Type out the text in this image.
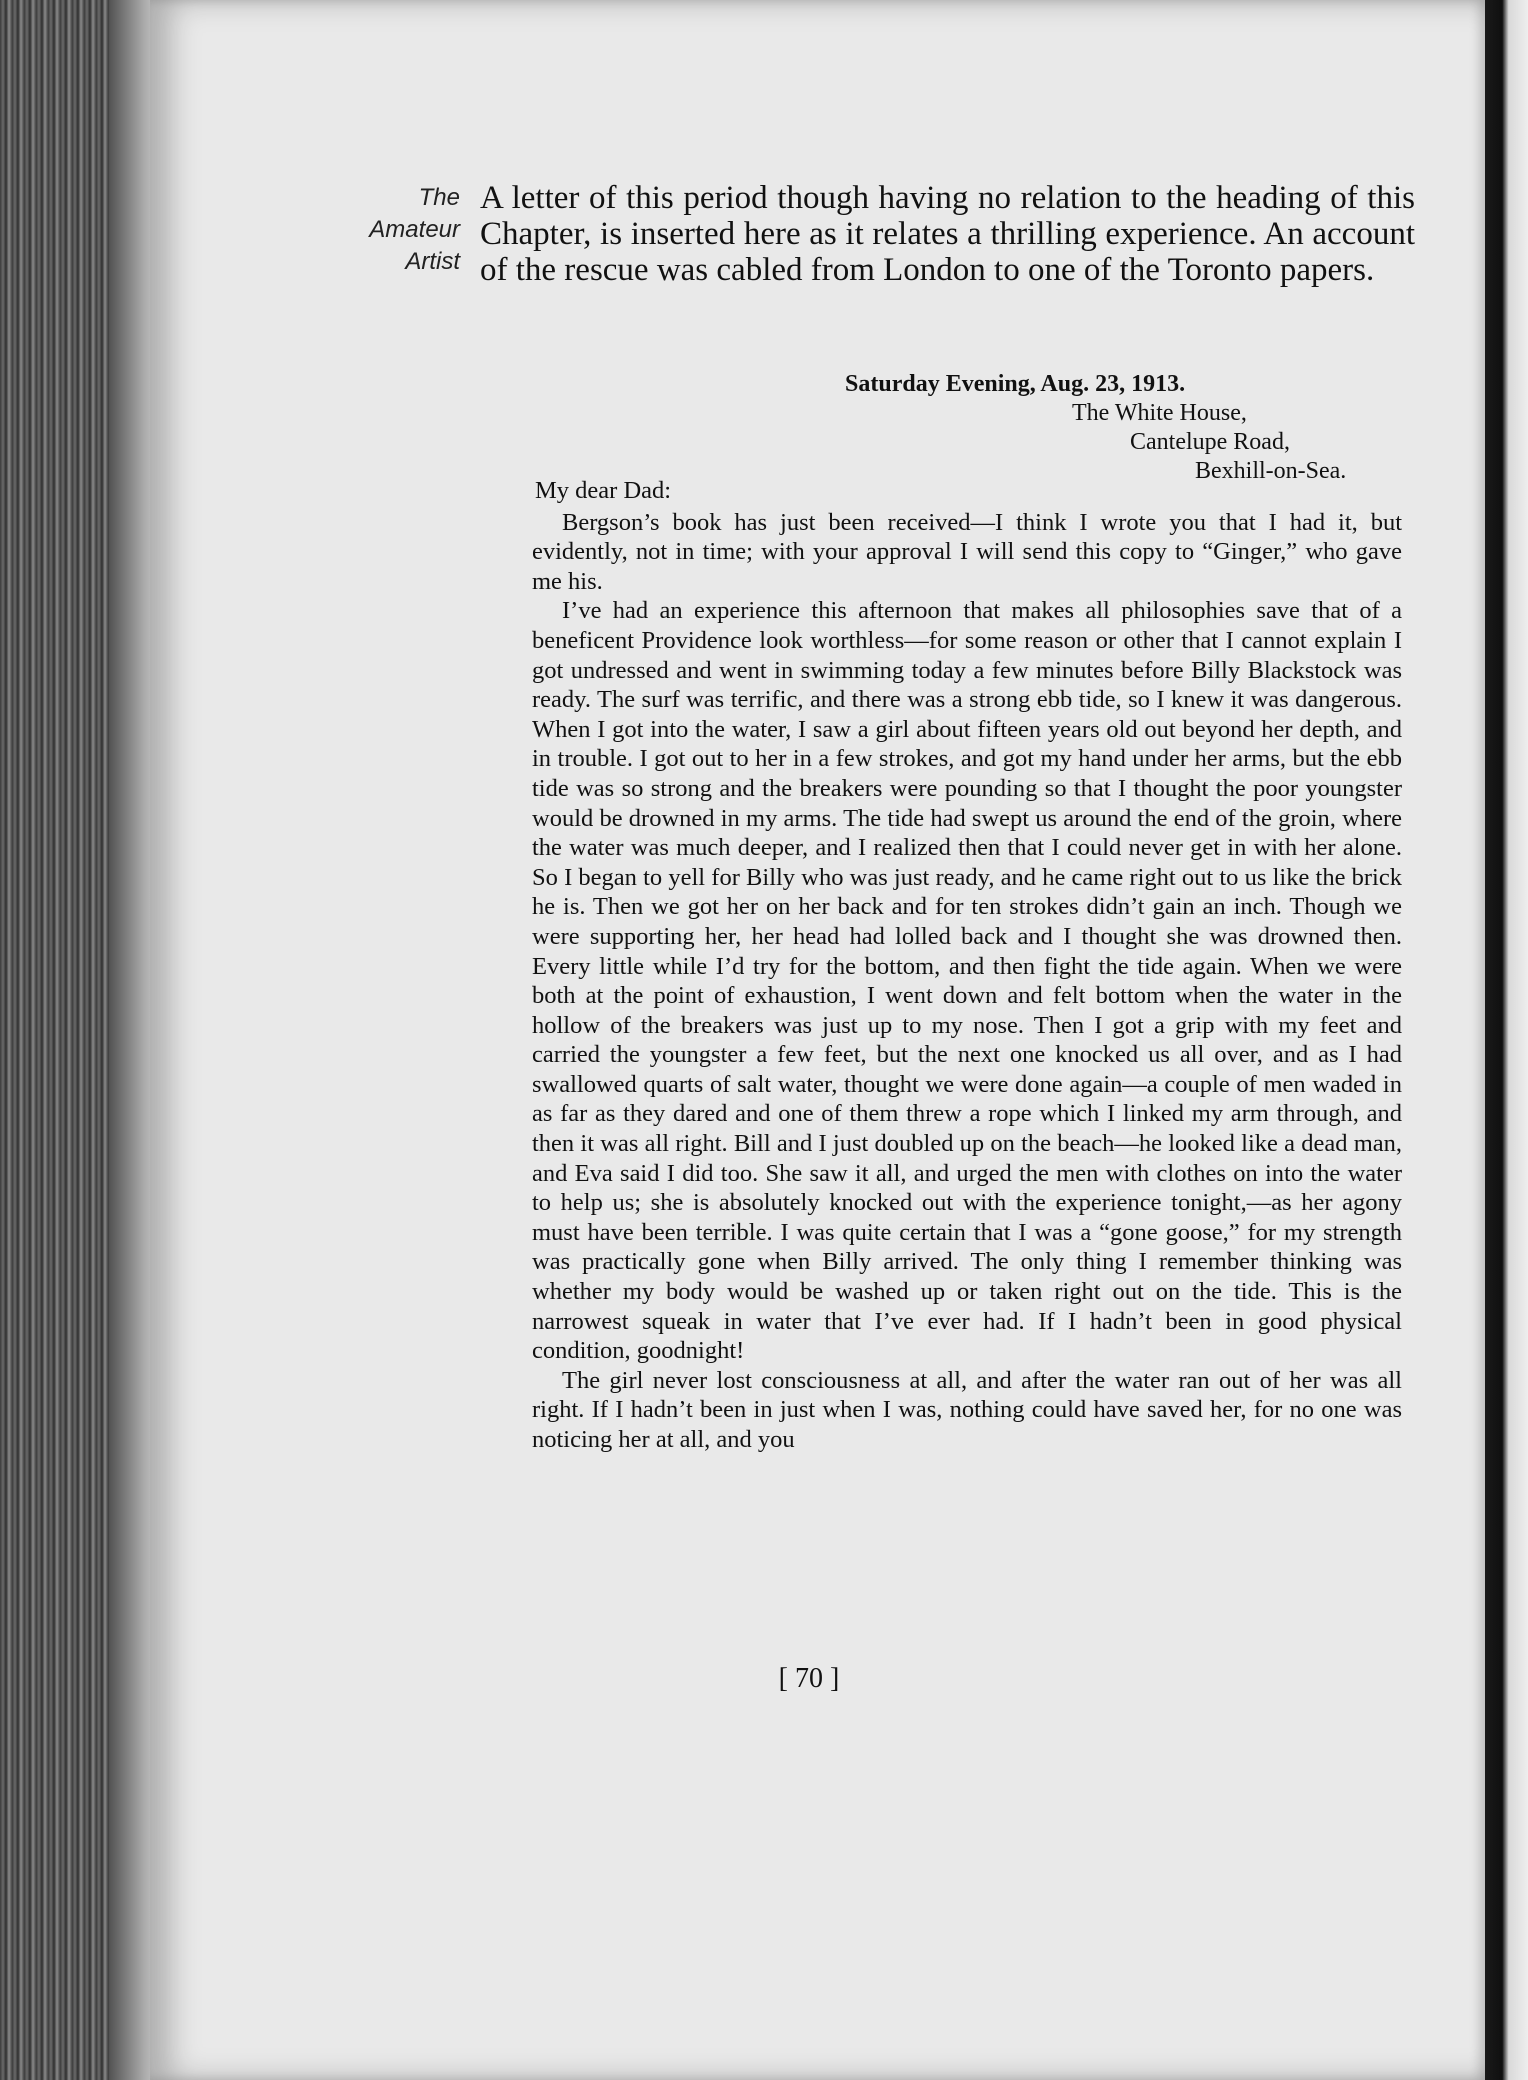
The
Amateur
Artist
A letter of this period though having no relation to the heading of this Chapter, is inserted here as it relates a thrilling experience. An account of the rescue was cabled from London to one of the Toronto papers.
Saturday Evening, Aug. 23, 1913.
The White House,
Cantelupe Road,
Bexhill-on-Sea.
My dear Dad:

Bergson’s book has just been received—I think I wrote you that I had it, but evidently, not in time; with your approval I will send this copy to “Ginger,” who gave me his.

I’ve had an experience this afternoon that makes all philosophies save that of a beneficent Providence look worthless—for some reason or other that I cannot explain I got undressed and went in swimming today a few minutes before Billy Blackstock was ready. The surf was terrific, and there was a strong ebb tide, so I knew it was dangerous. When I got into the water, I saw a girl about fifteen years old out beyond her depth, and in trouble. I got out to her in a few strokes, and got my hand under her arms, but the ebb tide was so strong and the breakers were pounding so that I thought the poor youngster would be drowned in my arms. The tide had swept us around the end of the groin, where the water was much deeper, and I realized then that I could never get in with her alone. So I began to yell for Billy who was just ready, and he came right out to us like the brick he is. Then we got her on her back and for ten strokes didn’t gain an inch. Though we were supporting her, her head had lolled back and I thought she was drowned then. Every little while I’d try for the bottom, and then fight the tide again. When we were both at the point of exhaustion, I went down and felt bottom when the water in the hollow of the breakers was just up to my nose. Then I got a grip with my feet and carried the youngster a few feet, but the next one knocked us all over, and as I had swallowed quarts of salt water, thought we were done again—a couple of men waded in as far as they dared and one of them threw a rope which I linked my arm through, and then it was all right. Bill and I just doubled up on the beach—he looked like a dead man, and Eva said I did too. She saw it all, and urged the men with clothes on into the water to help us; she is absolutely knocked out with the experience tonight,—as her agony must have been terrible. I was quite certain that I was a “gone goose,” for my strength was practically gone when Billy arrived. The only thing I remember thinking was whether my body would be washed up or taken right out on the tide. This is the narrowest squeak in water that I’ve ever had. If I hadn’t been in good physical condition, goodnight!

The girl never lost consciousness at all, and after the water ran out of her was all right. If I hadn’t been in just when I was, nothing could have saved her, for no one was noticing her at all, and you

[ 70 ]
